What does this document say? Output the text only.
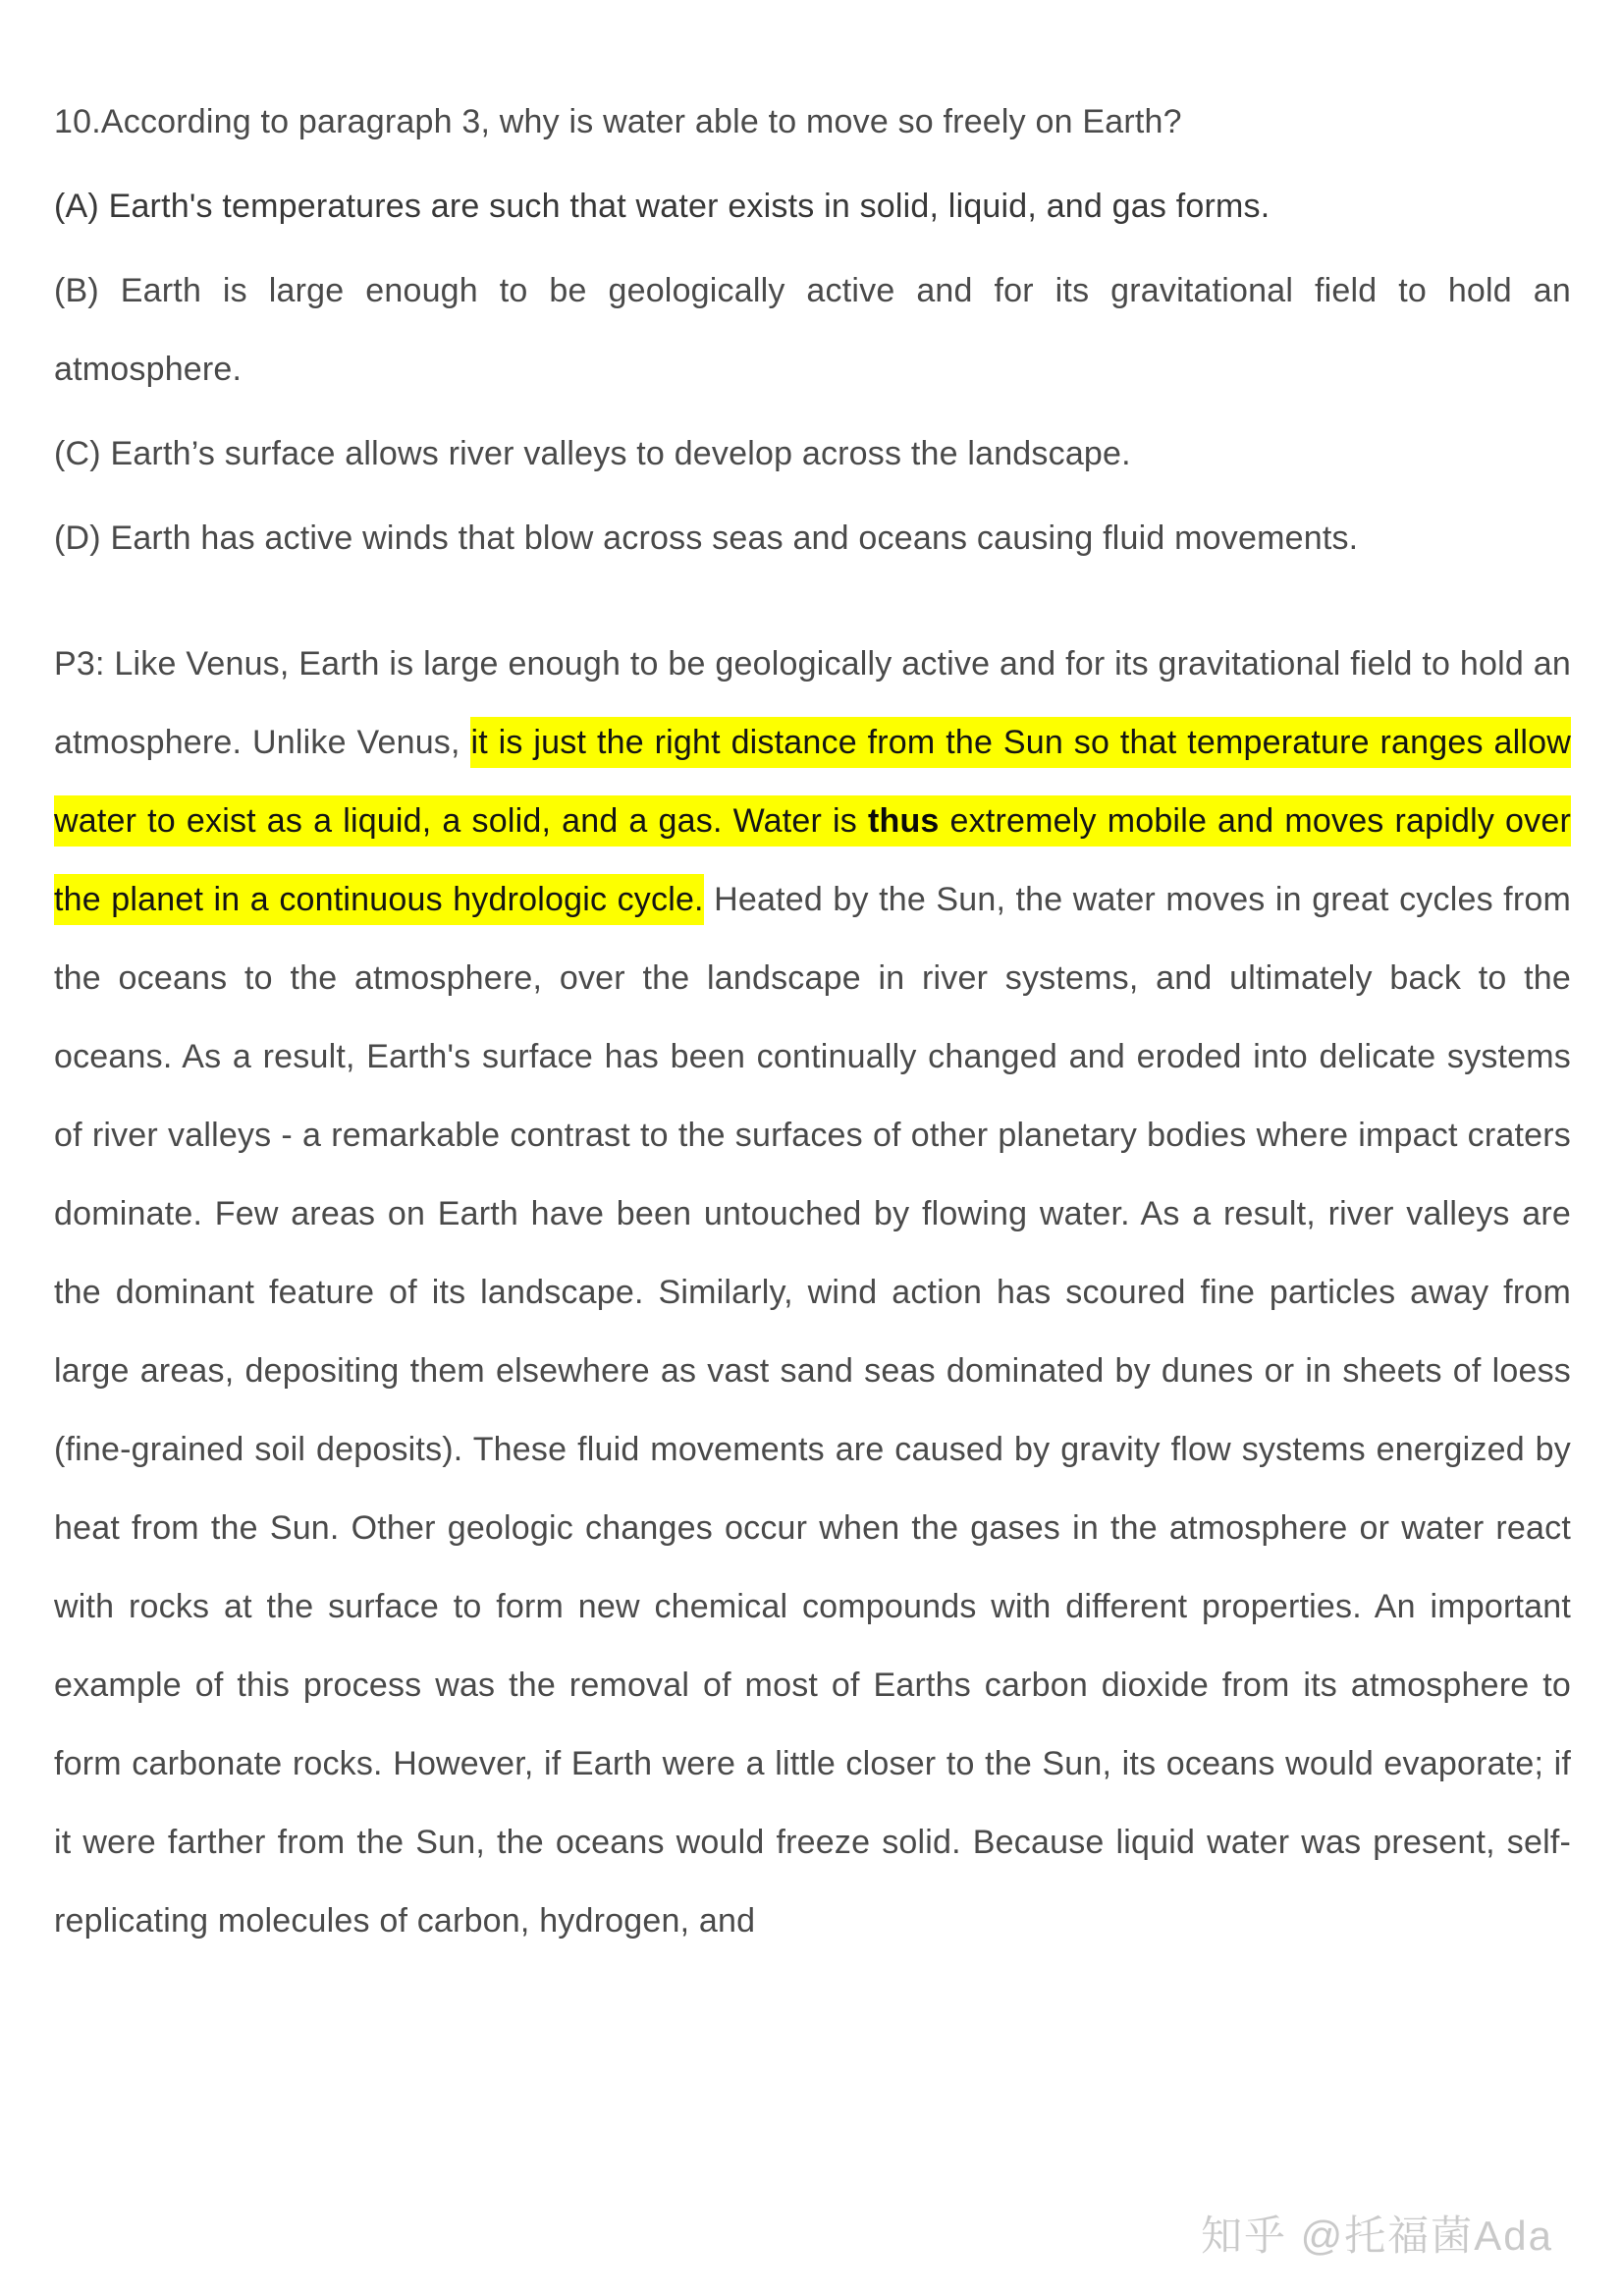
10.According to paragraph 3, why is water able to move so freely on Earth?

(A) Earth's temperatures are such that water exists in solid, liquid, and gas forms.

(B) Earth is large enough to be geologically active and for its gravitational field to hold an atmosphere.

(C) Earth’s surface allows river valleys to develop across the landscape.

(D) Earth has active winds that blow across seas and oceans causing fluid movements.

P3: Like Venus, Earth is large enough to be geologically active and for its gravitational field to hold an atmosphere. Unlike Venus, it is just the right distance from the Sun so that temperature ranges allow water to exist as a liquid, a solid, and a gas. Water is thus extremely mobile and moves rapidly over the planet in a continuous hydrologic cycle. Heated by the Sun, the water moves in great cycles from the oceans to the atmosphere, over the landscape in river systems, and ultimately back to the oceans. As a result, Earth's surface has been continually changed and eroded into delicate systems of river valleys - a remarkable contrast to the surfaces of other planetary bodies where impact craters dominate. Few areas on Earth have been untouched by flowing water. As a result, river valleys are the dominant feature of its landscape. Similarly, wind action has scoured fine particles away from large areas, depositing them elsewhere as vast sand seas dominated by dunes or in sheets of loess (fine-grained soil deposits). These fluid movements are caused by gravity flow systems energized by heat from the Sun. Other geologic changes occur when the gases in the atmosphere or water react with rocks at the surface to form new chemical compounds with different properties. An important example of this process was the removal of most of Earths carbon dioxide from its atmosphere to form carbonate rocks. However, if Earth were a little closer to the Sun, its oceans would evaporate; if it were farther from the Sun, the oceans would freeze solid. Because liquid water was present, self-replicating molecules of carbon, hydrogen, and

知乎 @托福菌Ada
